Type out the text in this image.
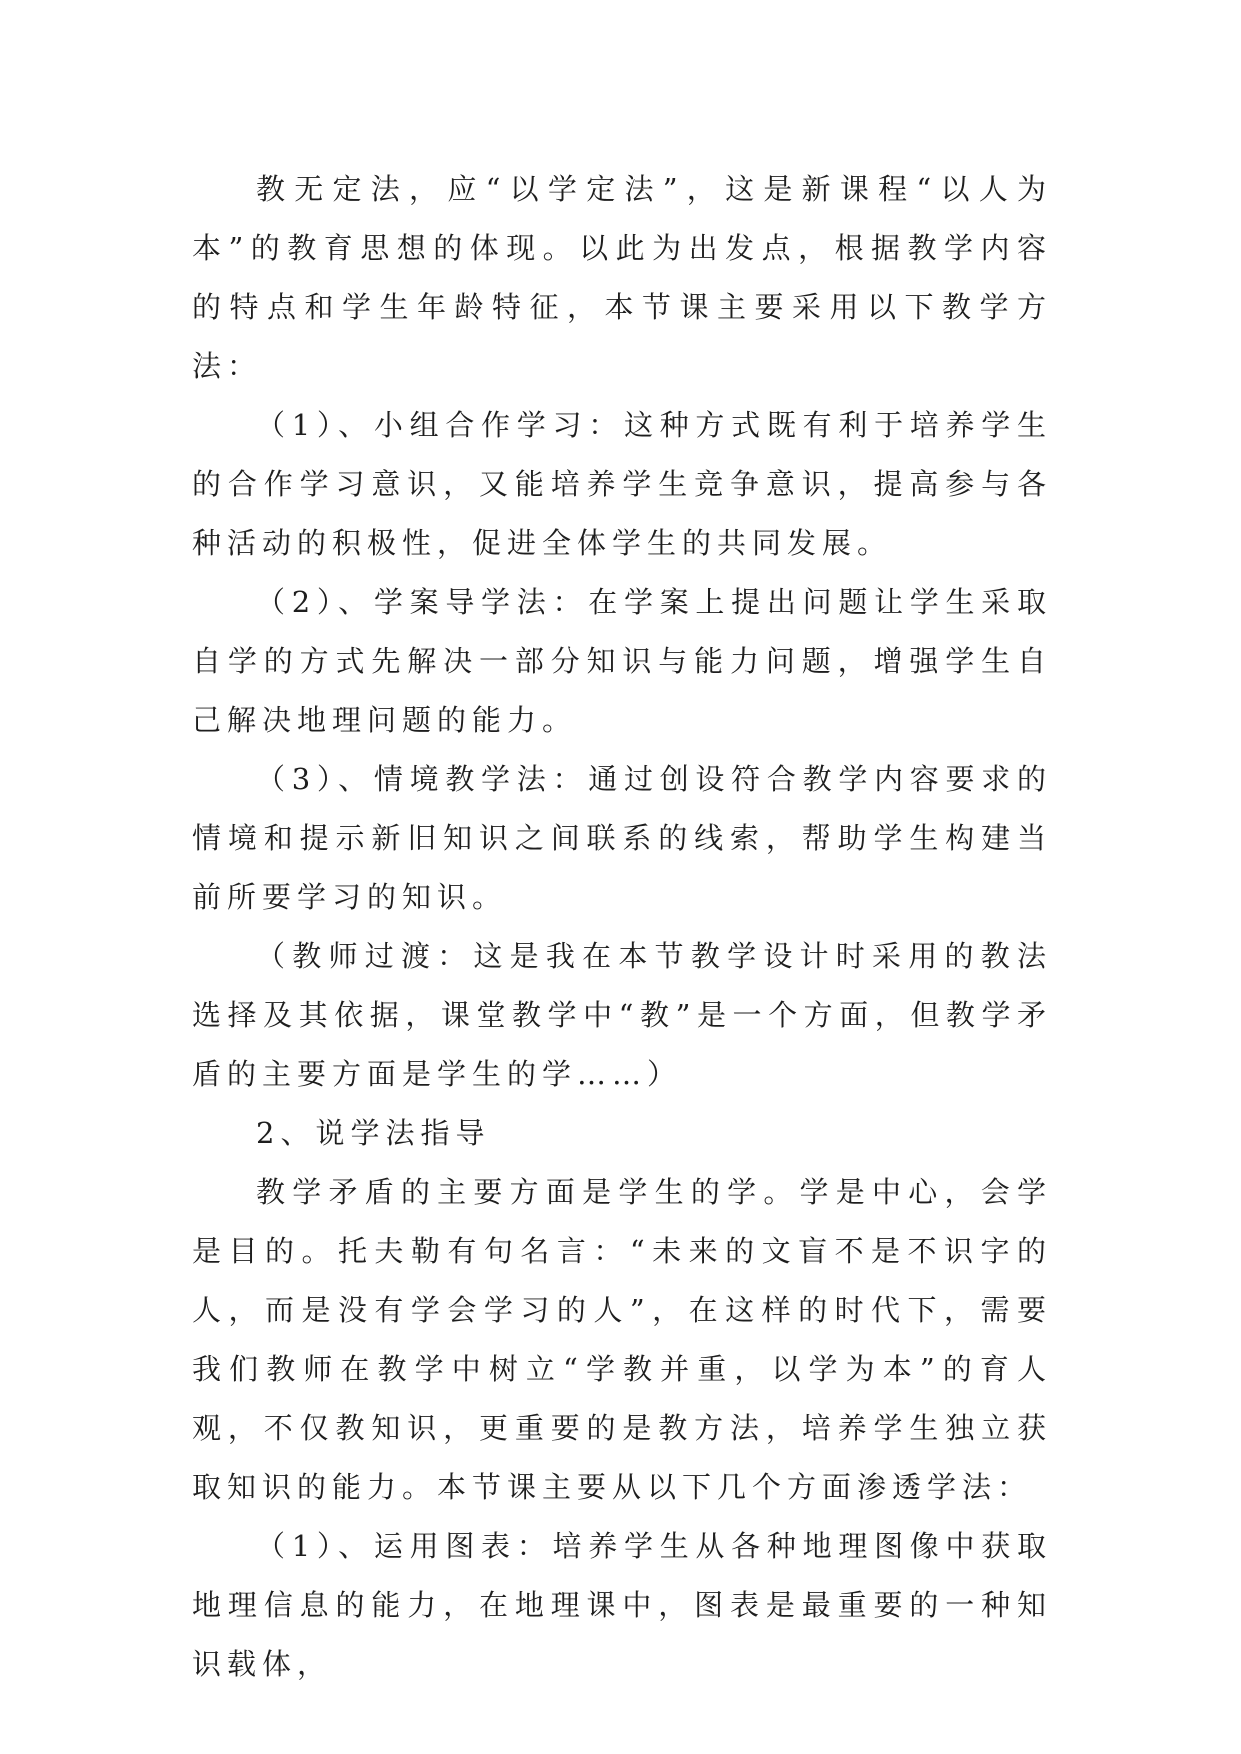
教无定法，应“以学定法”，这是新课程“以人为本”的教育思想的体现。以此为出发点，根据教学内容的特点和学生年龄特征，本节课主要采用以下教学方法：

（1）、小组合作学习：这种方式既有利于培养学生的合作学习意识，又能培养学生竞争意识，提高参与各种活动的积极性，促进全体学生的共同发展。

（2）、学案导学法：在学案上提出问题让学生采取自学的方式先解决一部分知识与能力问题，增强学生自己解决地理问题的能力。

（3）、情境教学法：通过创设符合教学内容要求的情境和提示新旧知识之间联系的线索，帮助学生构建当前所要学习的知识。

（教师过渡：这是我在本节教学设计时采用的教法选择及其依据，课堂教学中“教”是一个方面，但教学矛盾的主要方面是学生的学……）

2、说学法指导

教学矛盾的主要方面是学生的学。学是中心，会学是目的。托夫勒有句名言：“未来的文盲不是不识字的人，而是没有学会学习的人”，在这样的时代下，需要我们教师在教学中树立“学教并重，以学为本”的育人观，不仅教知识，更重要的是教方法，培养学生独立获取知识的能力。本节课主要从以下几个方面渗透学法：

（1）、运用图表：培养学生从各种地理图像中获取地理信息的能力，在地理课中，图表是最重要的一种知识载体，
